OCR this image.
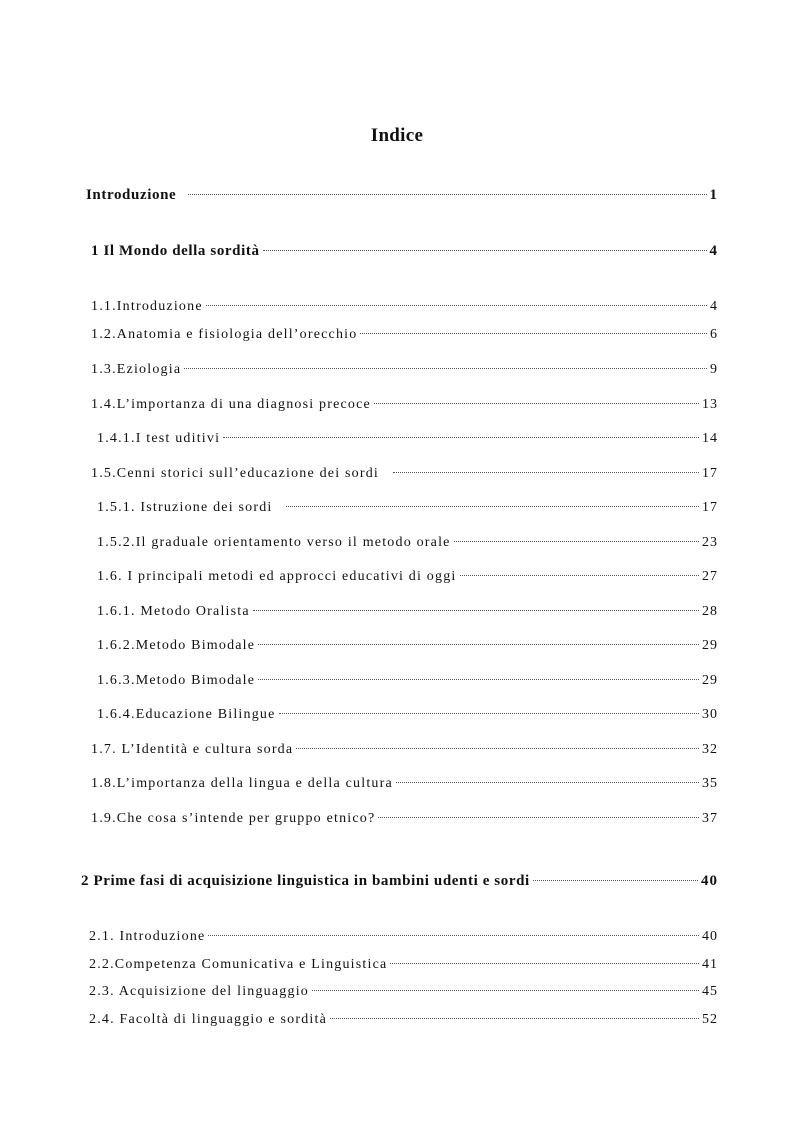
Indice
Introduzione	1
1 Il Mondo della sordità	4
1.1.Introduzione	4
1.2.Anatomia e fisiologia dell’orecchio	6
1.3.Eziologia	9
1.4.L’importanza di una diagnosi precoce	13
1.4.1.I test uditivi	14
1.5.Cenni storici sull’educazione dei sordi	17
1.5.1. Istruzione dei sordi	17
1.5.2.Il graduale orientamento verso il metodo orale	23
1.6. I principali metodi ed approcci educativi di oggi	27
1.6.1. Metodo Oralista	28
1.6.2.Metodo Bimodale	29
1.6.3.Metodo Bimodale	29
1.6.4.Educazione Bilingue	30
1.7. L’Identità e cultura sorda	32
1.8.L’importanza della lingua e della cultura	35
1.9.Che cosa s’intende per gruppo etnico?	37
2 Prime fasi di acquisizione linguistica in bambini udenti e sordi	40
2.1. Introduzione	40
2.2.Competenza Comunicativa e Linguistica	41
2.3. Acquisizione del linguaggio	45
2.4. Facoltà di linguaggio e sordità	52
